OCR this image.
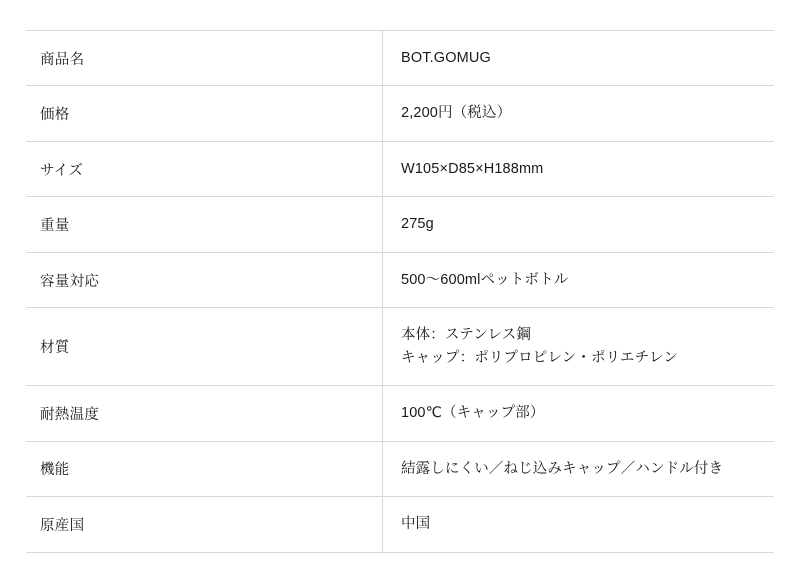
商品名	BOT.GOMUG

価格	2,200円（税込）

サイズ	W105×D85×H188mm

重量	275g

容量対応	500〜600mlペットボトル

材質	本体：ステンレス鋼
キャップ：ポリプロピレン・ポリエチレン

耐熱温度	100℃（キャップ部）

機能	結露しにくい／ねじ込みキャップ／ハンドル付き

原産国	中国
